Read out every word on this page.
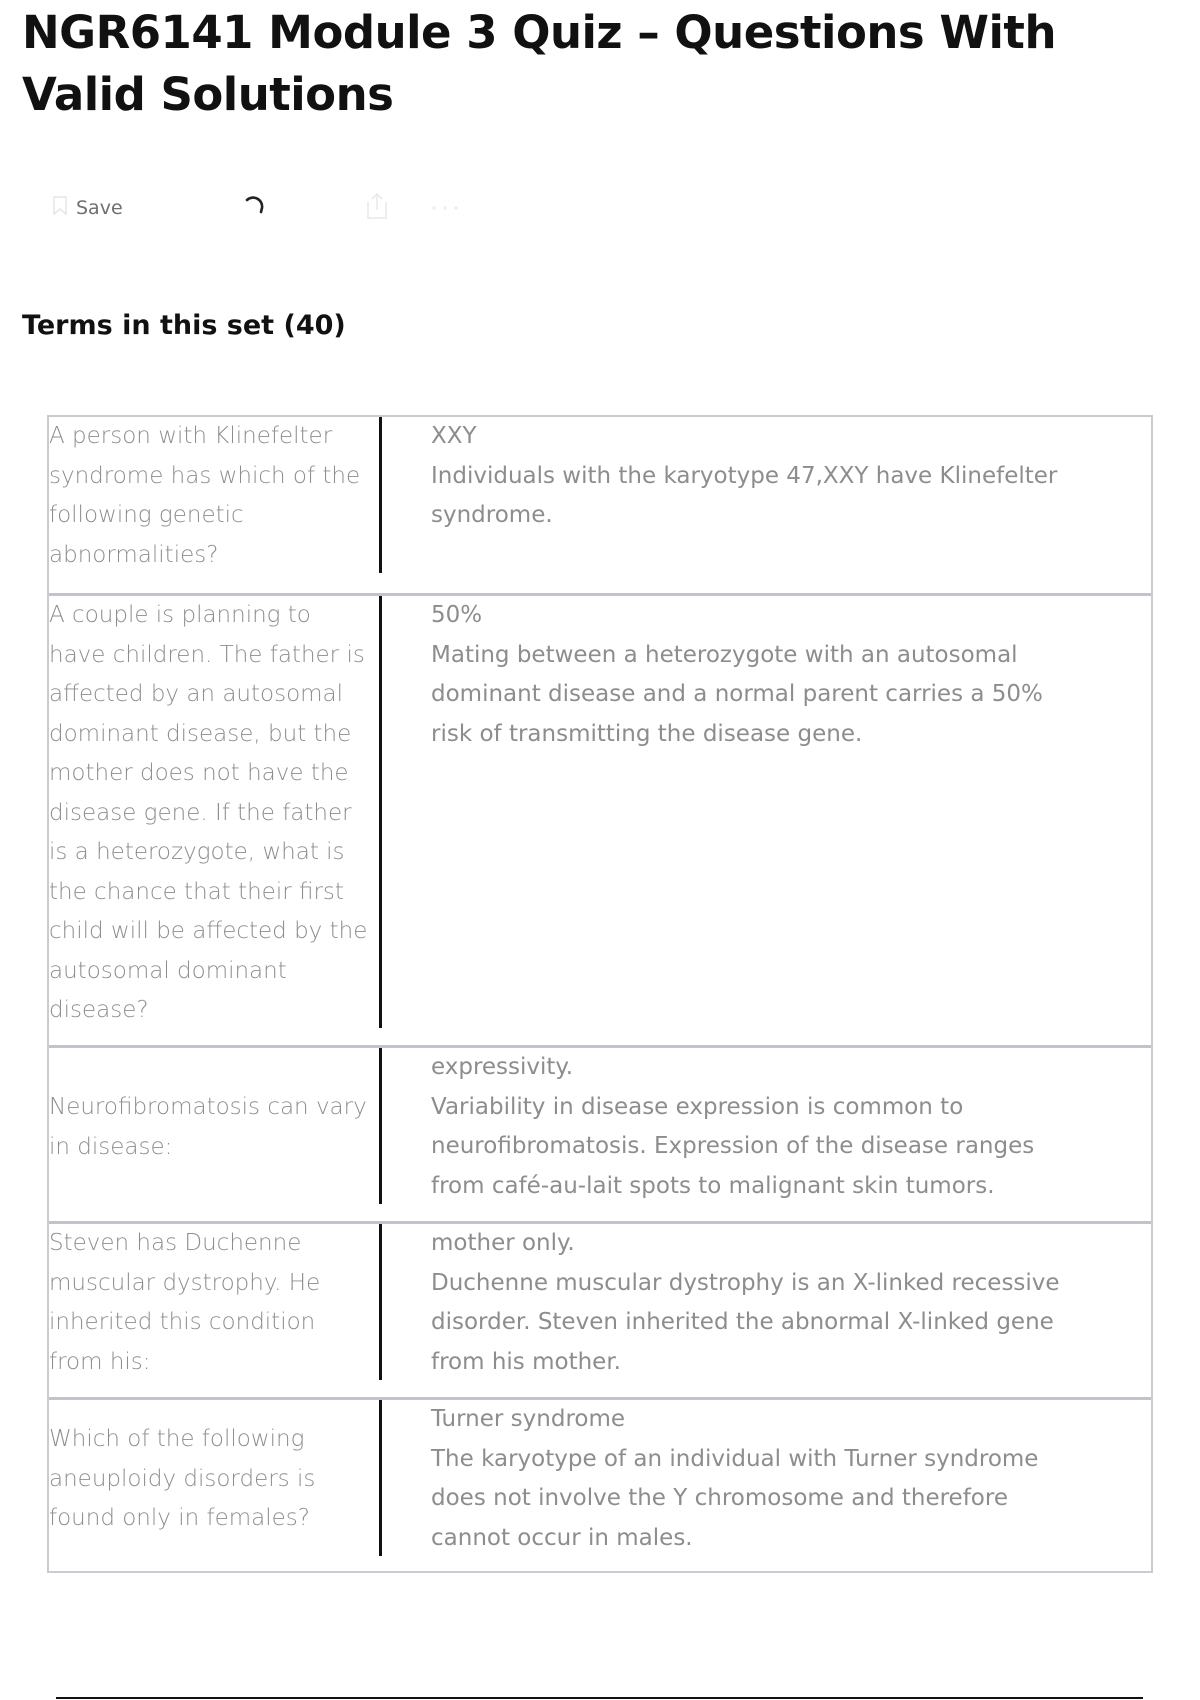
NGR6141 Module 3 Quiz – Questions With Valid Solutions
Save
Terms in this set (40)
A person with Klinefelter syndrome has which of the following genetic abnormalities?
XXY
Individuals with the karyotype 47,XXY have Klinefelter syndrome.
A couple is planning to have children. The father is affected by an autosomal dominant disease, but the mother does not have the disease gene. If the father is a heterozygote, what is the chance that their first child will be affected by the autosomal dominant disease?
50%
Mating between a heterozygote with an autosomal dominant disease and a normal parent carries a 50% risk of transmitting the disease gene.
Neurofibromatosis can vary in disease:
expressivity.
Variability in disease expression is common to neurofibromatosis. Expression of the disease ranges from café-au-lait spots to malignant skin tumors.
Steven has Duchenne muscular dystrophy. He inherited this condition from his:
mother only.
Duchenne muscular dystrophy is an X-linked recessive disorder. Steven inherited the abnormal X-linked gene from his mother.
Which of the following aneuploidy disorders is found only in females?
Turner syndrome
The karyotype of an individual with Turner syndrome does not involve the Y chromosome and therefore cannot occur in males.
